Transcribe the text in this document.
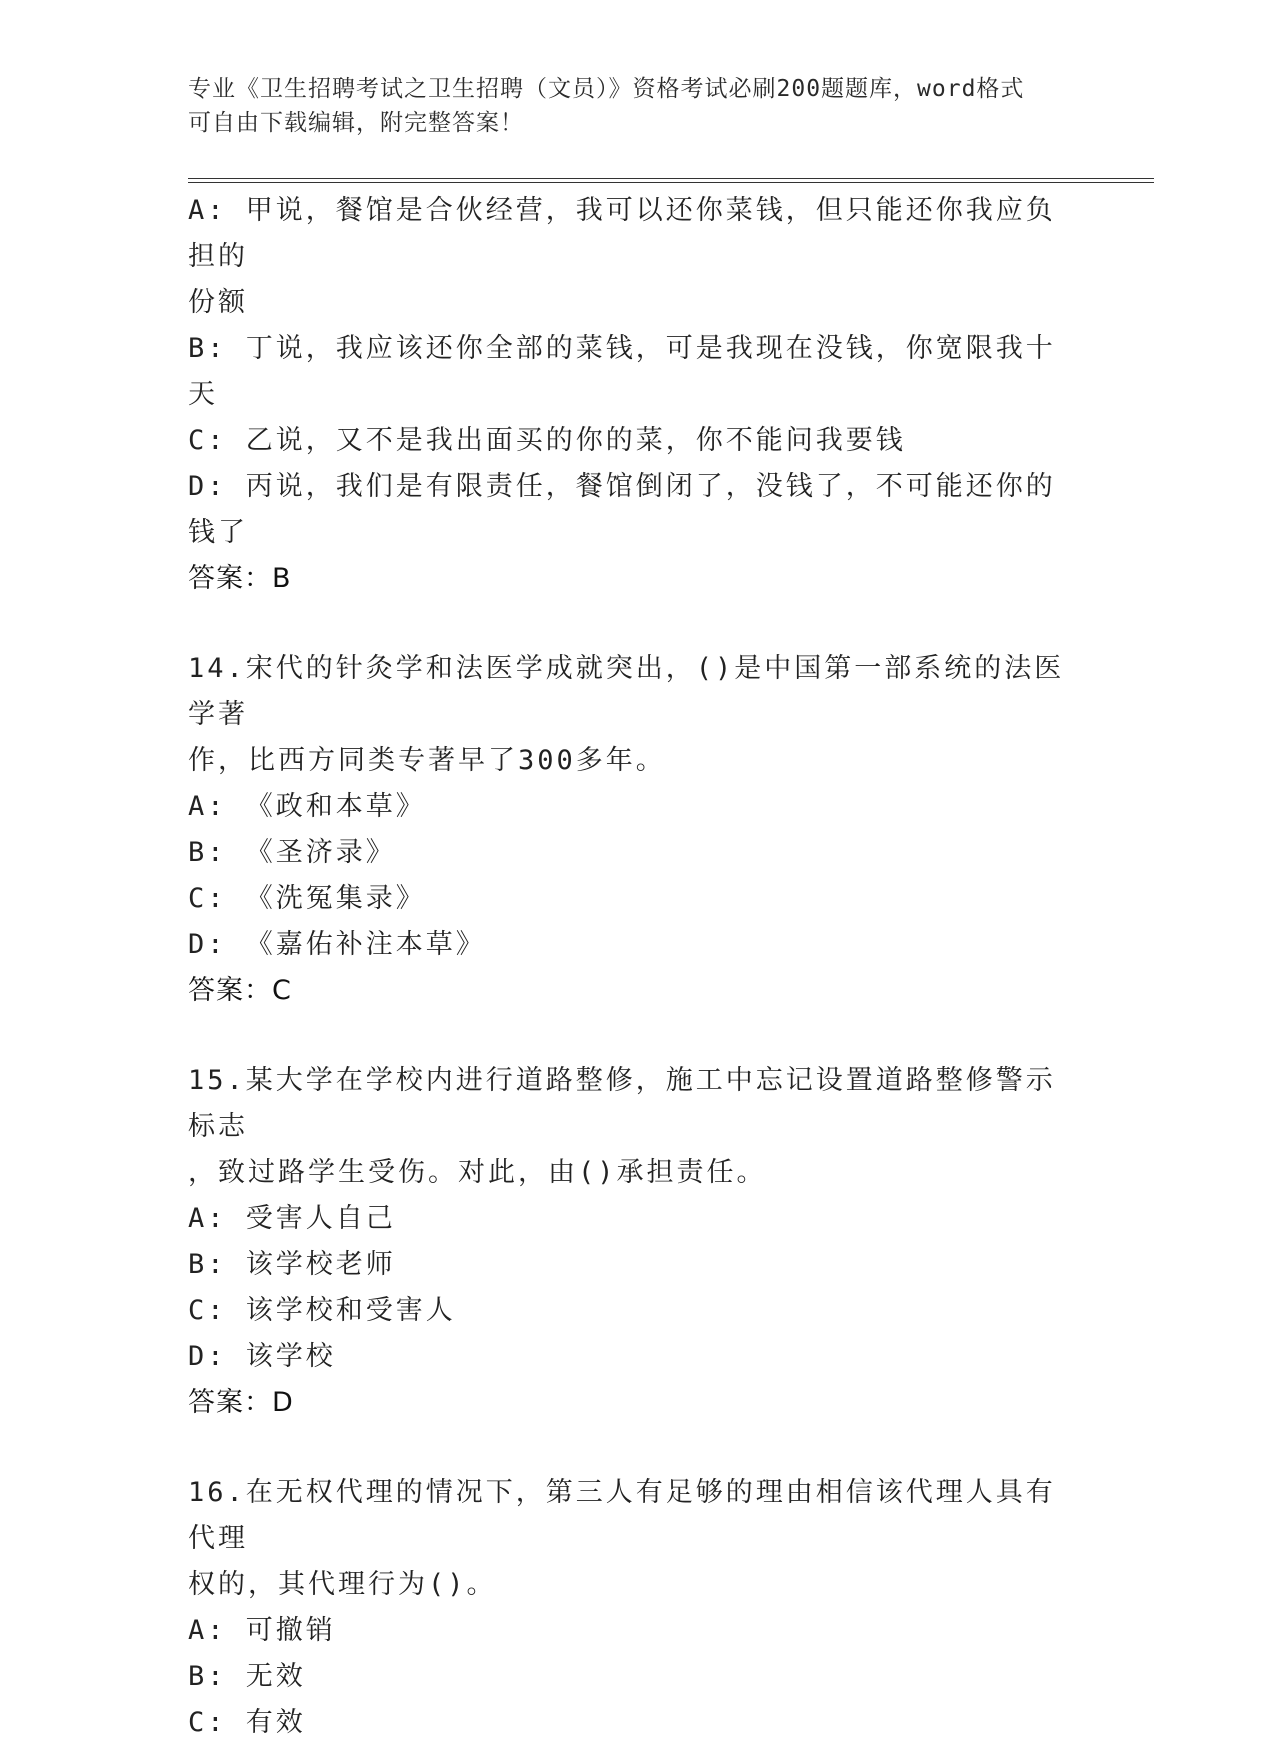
专业《卫生招聘考试之卫生招聘（文员）》资格考试必刷200题题库，word格式
可自由下载编辑，附完整答案！
A: 甲说，餐馆是合伙经营，我可以还你菜钱，但只能还你我应负担的
份额
B: 丁说，我应该还你全部的菜钱，可是我现在没钱，你宽限我十天
C: 乙说，又不是我出面买的你的菜，你不能问我要钱
D: 丙说，我们是有限责任，餐馆倒闭了，没钱了，不可能还你的钱了
答案：B
14.宋代的针灸学和法医学成就突出，()是中国第一部系统的法医学著
作，比西方同类专著早了300多年。
A: 《政和本草》
B: 《圣济录》
C: 《洗冤集录》
D: 《嘉佑补注本草》
答案：C
15.某大学在学校内进行道路整修，施工中忘记设置道路整修警示标志
，致过路学生受伤。对此，由()承担责任。
A: 受害人自己
B: 该学校老师
C: 该学校和受害人
D: 该学校
答案：D
16.在无权代理的情况下，第三人有足够的理由相信该代理人具有代理
权的，其代理行为()。
A: 可撤销
B: 无效
C: 有效
